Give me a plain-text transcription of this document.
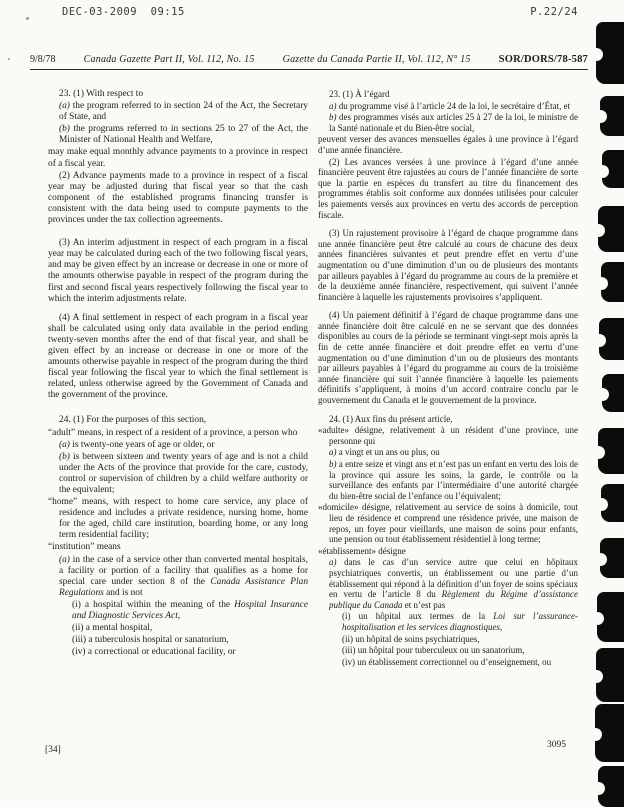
DEC-03-2009  09:15	P.22/24
9/8/78	Canada Gazette Part II, Vol. 112, No. 15	Gazette du Canada Partie II, Vol. 112, N° 15	SOR/DORS/78-587

23. (1) With respect to

(a) the program referred to in section 24 of the Act, the Secretary of State, and

(b) the programs referred to in sections 25 to 27 of the Act, the Minister of National Health and Welfare,

may make equal monthly advance payments to a province in respect of a fiscal year.

(2) Advance payments made to a province in respect of a fiscal year may be adjusted during that fiscal year so that the cash component of the established programs financing transfer is consistent with the data being used to compute payments to the provinces under the tax collection agreements.

(3) An interim adjustment in respect of each program in a fiscal year may be calculated during each of the two following fiscal years, and may be given effect by an increase or decrease in one or more of the amounts otherwise payable in respect of the program during the first and second fiscal years respectively following the fiscal year to which the interim adjustments relate.

(4) A final settlement in respect of each program in a fiscal year shall be calculated using only data available in the period ending twenty-seven months after the end of that fiscal year, and shall be given effect by an increase or decrease in one or more of the amounts otherwise payable in respect of the program during the third fiscal year following the fiscal year to which the final settlement is related, unless otherwise agreed by the Government of Canada and the government of the province.

24. (1) For the purposes of this section,

“adult” means, in respect of a resident of a province, a person who

(a) is twenty-one years of age or older, or

(b) is between sixteen and twenty years of age and is not a child under the Acts of the province that provide for the care, custody, control or supervision of children by a child welfare authority or the equivalent;

“home” means, with respect to home care service, any place of residence and includes a private residence, nursing home, home for the aged, child care institution, boarding home, or any long term residential facility;

“institution” means

(a) in the case of a service other than converted mental hospitals, a facility or portion of a facility that qualifies as a home for special care under section 8 of the Canada Assistance Plan Regulations and is not

(i) a hospital within the meaning of the Hospital Insurance and Diagnostic Services Act,

(ii) a mental hospital,

(iii) a tuberculosis hospital or sanatorium,

(iv) a correctional or educational facility, or

23. (1) À l’égard

a) du programme visé à l’article 24 de la loi, le secrétaire d’État, et

b) des programmes visés aux articles 25 à 27 de la loi, le ministre de la Santé nationale et du Bien-être social,

peuvent verser des avances mensuelles égales à une province à l’égard d’une année financière.

(2) Les avances versées à une province à l’égard d’une année financière peuvent être rajustées au cours de l’année financière de sorte que la partie en espèces du transfert au titre du financement des programmes établis soit conforme aux données utilisées pour calculer les paiements versés aux provinces en vertu des accords de perception fiscale.

(3) Un rajustement provisoire à l’égard de chaque programme dans une année financière peut être calculé au cours de chacune des deux années financières suivantes et peut prendre effet en vertu d’une augmentation ou d’une diminution d’un ou de plusieurs des montants par ailleurs payables à l’égard du programme au cours de la première et de la deuxième année financière, respectivement, qui suivent l’année financière à laquelle les rajustements provisoires s’appliquent.

(4) Un paiement définitif à l’égard de chaque programme dans une année financière doit être calculé en ne se servant que des données disponibles au cours de la période se terminant vingt-sept mois après la fin de cette année financière et doit prendre effet en vertu d’une augmentation ou d’une diminution d’un ou de plusieurs des montants par ailleurs payables à l’égard du programme au cours de la troisième année financière qui suit l’année financière à laquelle les paiements définitifs s’appliquent, à moins d’un accord contraire conclu par le gouvernement du Canada et le gouvernement de la province.

24. (1) Aux fins du présent article,

«adulte» désigne, relativement à un résident d’une province, une personne qui

a) a vingt et un ans ou plus, ou

b) a entre seize et vingt ans et n’est pas un enfant en vertu des lois de la province qui assure les soins, la garde, le contrôle ou la surveillance des enfants par l’intermédiaire d’une autorité chargée du bien-être social de l’enfance ou l’équivalent;

«domicile» désigne, relativement au service de soins à domicile, tout lieu de résidence et comprend une résidence privée, une maison de repos, un foyer pour vieillards, une maison de soins pour enfants, une pension ou tout établissement résidentiel à long terme;

«établissement» désigne

a) dans le cas d’un service autre que celui en hôpitaux psychiatriques convertis, un établissement ou une partie d’un établissement qui répond à la définition d’un foyer de soins spéciaux en vertu de l’article 8 du Règlement du Régime d’assistance publique du Canada et n’est pas

(i) un hôpital aux termes de la Loi sur l’assurance-hospitalisation et les services diagnostiques,

(ii) un hôpital de soins psychiatriques,

(iii) un hôpital pour tuberculeux ou un sanatorium,

(iv) un établissement correctionnel ou d’enseignement, ou

[34]	3095
